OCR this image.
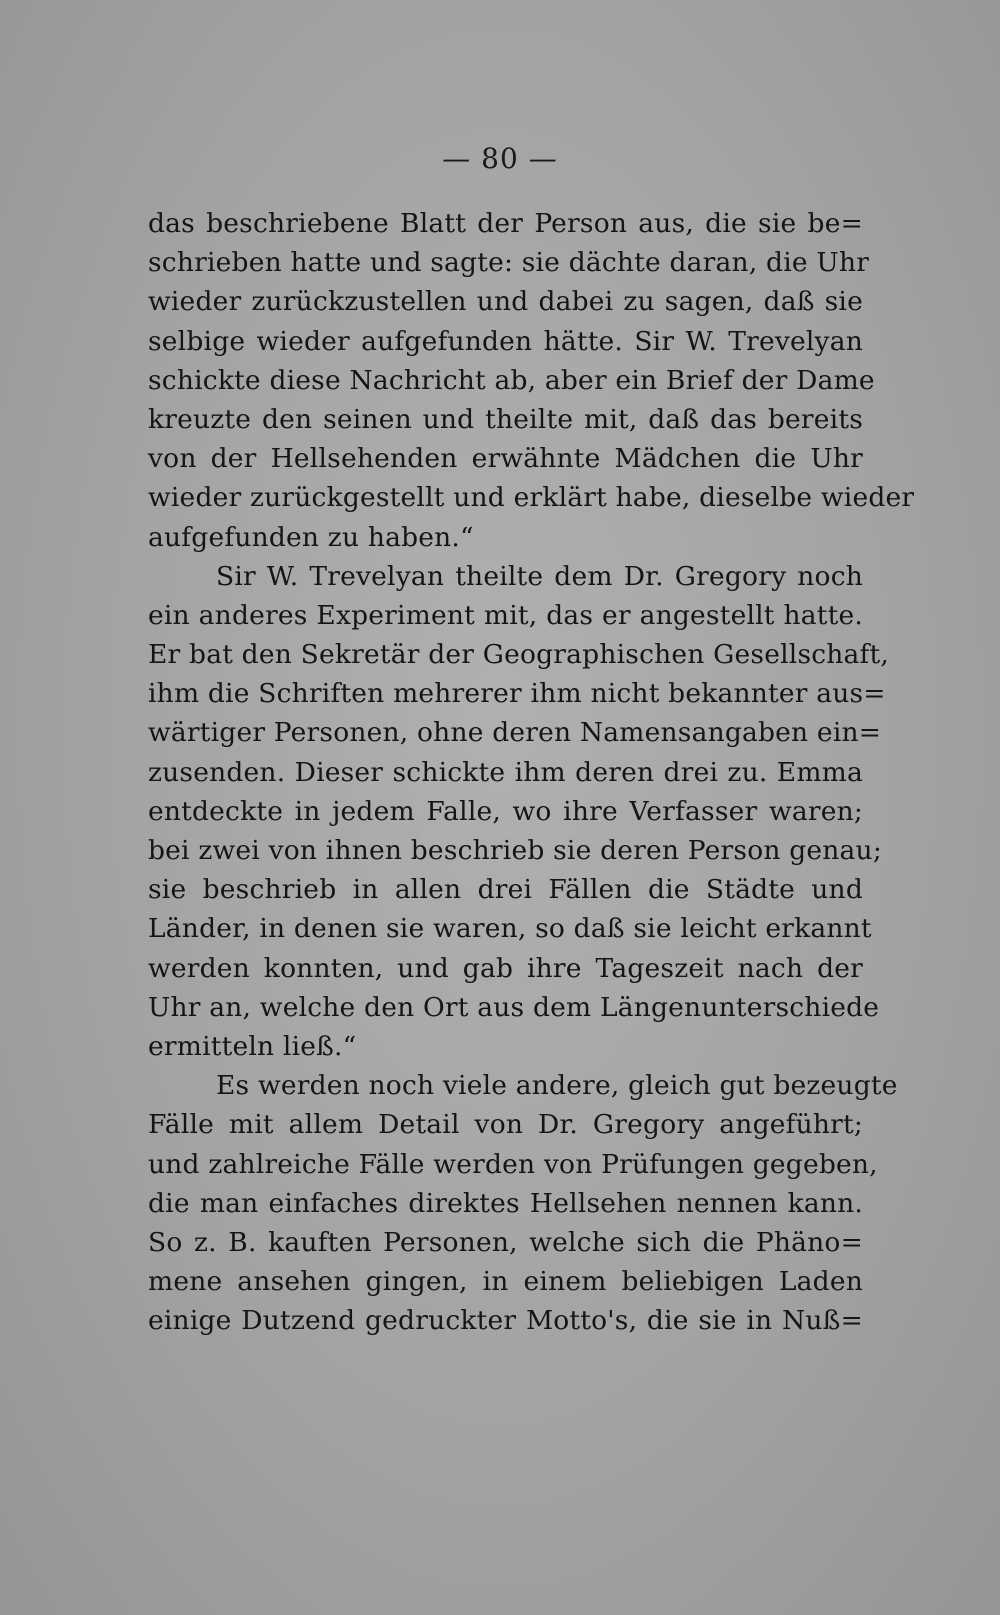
— 80 —
das beschriebene Blatt der Person aus, die sie be=
schrieben hatte und sagte: sie dächte daran, die Uhr
wieder zurückzustellen und dabei zu sagen, daß sie
selbige wieder aufgefunden hätte. Sir W. Trevelyan
schickte diese Nachricht ab, aber ein Brief der Dame
kreuzte den seinen und theilte mit, daß das bereits
von der Hellsehenden erwähnte Mädchen die Uhr
wieder zurückgestellt und erklärt habe, dieselbe wieder
aufgefunden zu haben.“
Sir W. Trevelyan theilte dem Dr. Gregory noch
ein anderes Experiment mit, das er angestellt hatte.
Er bat den Sekretär der Geographischen Gesellschaft,
ihm die Schriften mehrerer ihm nicht bekannter aus=
wärtiger Personen, ohne deren Namensangaben ein=
zusenden. Dieser schickte ihm deren drei zu. Emma
entdeckte in jedem Falle, wo ihre Verfasser waren;
bei zwei von ihnen beschrieb sie deren Person genau;
sie beschrieb in allen drei Fällen die Städte und
Länder, in denen sie waren, so daß sie leicht erkannt
werden konnten, und gab ihre Tageszeit nach der
Uhr an, welche den Ort aus dem Längenunterschiede
ermitteln ließ.“
Es werden noch viele andere, gleich gut bezeugte
Fälle mit allem Detail von Dr. Gregory angeführt;
und zahlreiche Fälle werden von Prüfungen gegeben,
die man einfaches direktes Hellsehen nennen kann.
So z. B. kauften Personen, welche sich die Phäno=
mene ansehen gingen, in einem beliebigen Laden
einige Dutzend gedruckter Motto's, die sie in Nuß=
